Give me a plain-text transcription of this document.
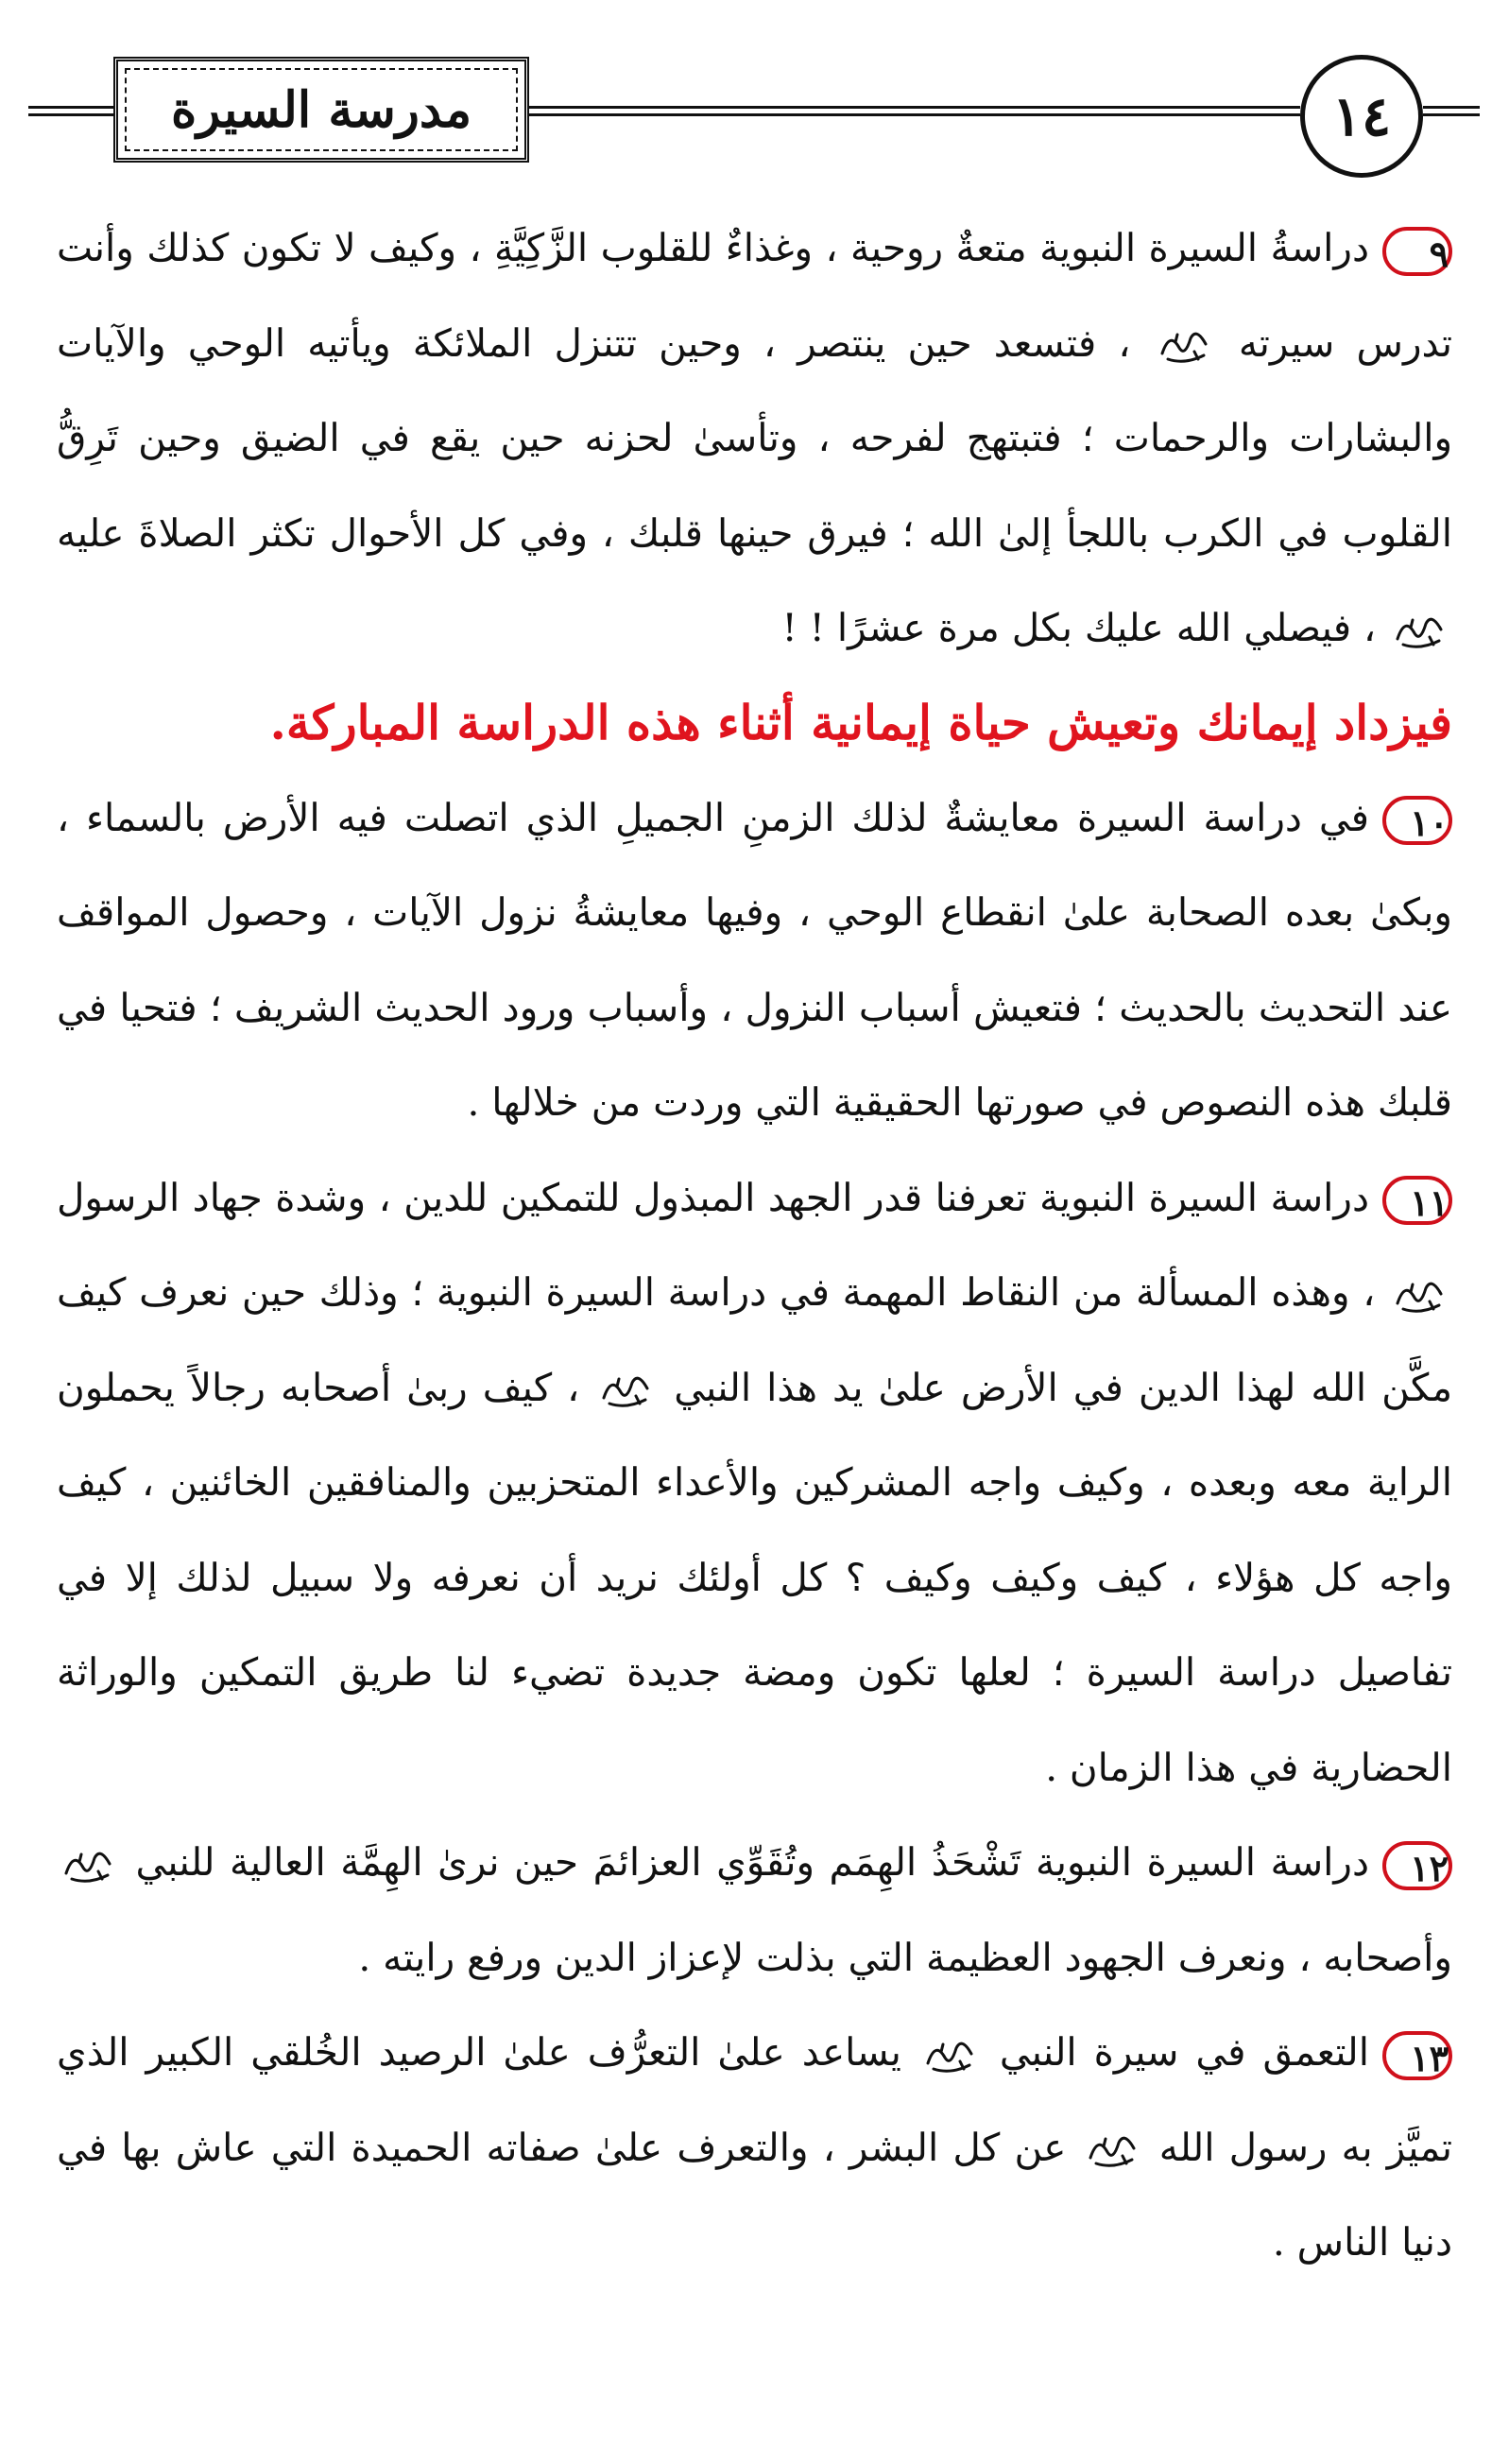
مدرسة السيرة	١٤

٩دراسةُ السيرة النبوية متعةٌ روحية ، وغذاءٌ للقلوب الزَّكِيَّةِ ، وكيف لا تكون كذلك وأنت تدرس سيرته  ، فتسعد حين ينتصر ، وحين تتنزل الملائكة ويأتيه الوحي والآيات والبشارات والرحمات ؛ فتبتهج لفرحه ، وتأسىٰ لحزنه حين يقع في الضيق وحين تَرِقُّ القلوب في الكرب باللجأ إلىٰ الله ؛ فيرق حينها قلبك ، وفي كل الأحوال تكثر الصلاةَ عليه  ، فيصلي الله عليك بكل مرة عشرًا ! !

فيزداد إيمانك وتعيش حياة إيمانية أثناء هذه الدراسة المباركة.

١٠في دراسة السيرة معايشةٌ لذلك الزمنِ الجميلِ الذي اتصلت فيه الأرض بالسماء ، وبكىٰ بعده الصحابة علىٰ انقطاع الوحي ، وفيها معايشةُ نزول الآيات ، وحصول المواقف عند التحديث بالحديث ؛ فتعيش أسباب النزول ، وأسباب ورود الحديث الشريف ؛ فتحيا في قلبك هذه النصوص في صورتها الحقيقية التي وردت من خلالها .

١١دراسة السيرة النبوية تعرفنا قدر الجهد المبذول للتمكين للدين ، وشدة جهاد الرسول  ، وهذه المسألة من النقاط المهمة في دراسة السيرة النبوية ؛ وذلك حين نعرف كيف مكَّن الله لهذا الدين في الأرض علىٰ يد هذا النبي  ، كيف ربىٰ أصحابه رجالاً يحملون الراية معه وبعده ، وكيف واجه المشركين والأعداء المتحزبين والمنافقين الخائنين ، كيف واجه كل هؤلاء ، كيف وكيف وكيف ؟ كل أولئك نريد أن نعرفه ولا سبيل لذلك إلا في تفاصيل دراسة السيرة ؛ لعلها تكون ومضة جديدة تضيء لنا طريق التمكين والوراثة الحضارية في هذا الزمان .

١٢دراسة السيرة النبوية تَشْحَذُ الهِمَم وتُقَوِّي العزائمَ حين نرىٰ الهِمَّة العالية للنبي  وأصحابه ، ونعرف الجهود العظيمة التي بذلت لإعزاز الدين ورفع رايته .

١٣التعمق في سيرة النبي  يساعد علىٰ التعرُّف علىٰ الرصيد الخُلقي الكبير الذي تميَّز به رسول الله  عن كل البشر ، والتعرف علىٰ صفاته الحميدة التي عاش بها في دنيا الناس .
